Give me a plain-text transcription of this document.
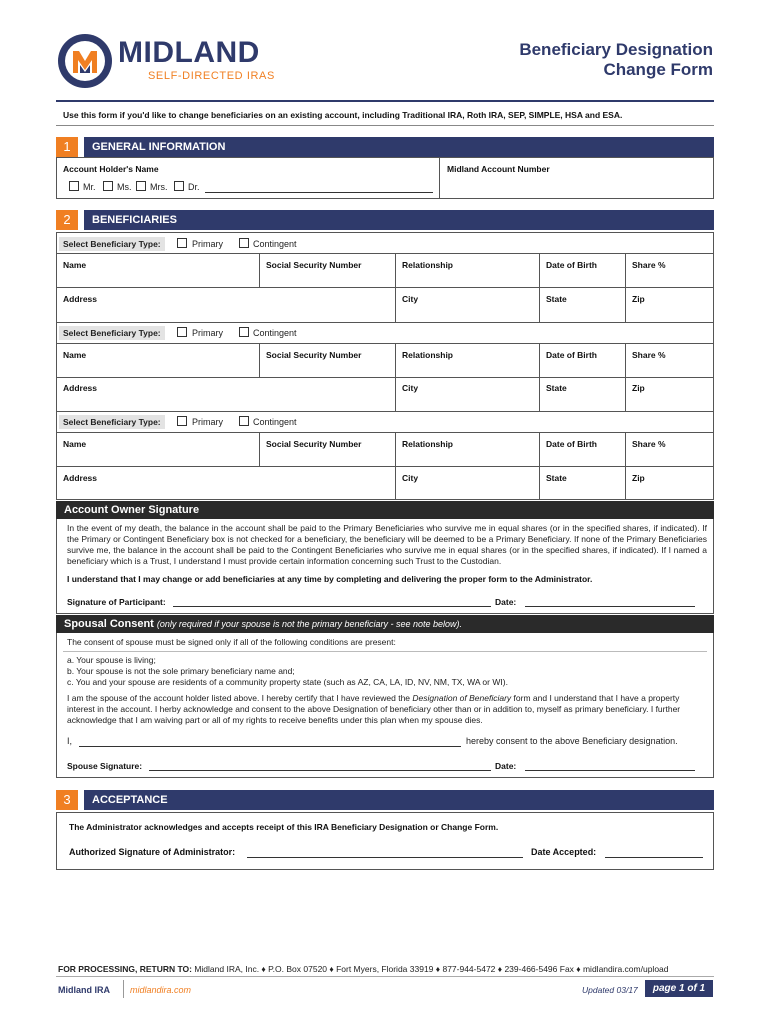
MIDLAND
SELF-DIRECTED IRAS
Beneficiary Designation
Change Form
Use this form if you'd like to change beneficiaries on an existing account, including Traditional IRA, Roth IRA, SEP, SIMPLE, HSA and ESA.
1	GENERAL INFORMATION
Account Holder's Name	Midland Account Number
Mr. Ms. Mrs. Dr.
2	BENEFICIARIES
Select Beneficiary Type:	Primary	Contingent
Name	Social Security Number	Relationship	Date of Birth	Share %
Address	City	State	Zip
Select Beneficiary Type:	Primary	Contingent
Name	Social Security Number	Relationship	Date of Birth	Share %
Address	City	State	Zip
Select Beneficiary Type:	Primary	Contingent
Name	Social Security Number	Relationship	Date of Birth	Share %
Address	City	State	Zip
Account Owner Signature
In the event of my death, the balance in the account shall be paid to the Primary Beneficiaries who survive me in equal shares (or in the specified shares, if indicated). If the Primary or Contingent Beneficiary box is not checked for a beneficiary, the beneficiary will be deemed to be a Primary Beneficiary. If none of the Primary Beneficiaries survive me, the balance in the account shall be paid to the Contingent Beneficiaries who survive me in equal shares (or in the specified shares, if indicated). If I named a beneficiary which is a Trust, I understand I must provide certain information concerning such Trust to the Custodian.
I understand that I may change or add beneficiaries at any time by completing and delivering the proper form to the Administrator.
Signature of Participant:	Date:
Spousal Consent (only required if your spouse is not the primary beneficiary - see note below).
The consent of spouse must be signed only if all of the following conditions are present:
a. Your spouse is living;
b. Your spouse is not the sole primary beneficiary name and;
c. You and your spouse are residents of a community property state (such as AZ, CA, LA, ID, NV, NM, TX, WA or WI).
I am the spouse of the account holder listed above. I hereby certify that I have reviewed the Designation of Beneficiary form and I understand that I have a property interest in the account. I herby acknowledge and consent to the above Designation of beneficiary other than or in addition to, myself as primary beneficiary. I further acknowledge that I am waiving part or all of my rights to receive benefits under this plan when my spouse dies.
I,	hereby consent to the above Beneficiary designation.
Spouse Signature:	Date:
3	ACCEPTANCE
The Administrator acknowledges and accepts receipt of this IRA Beneficiary Designation or Change Form.
Authorized Signature of Administrator:	Date Accepted:
FOR PROCESSING, RETURN TO: Midland IRA, Inc. ♦ P.O. Box 07520 ♦ Fort Myers, Florida 33919 ♦ 877-944-5472 ♦ 239-466-5496 Fax ♦ midlandira.com/upload
Midland IRA midlandira.com	Updated 03/17	page 1 of 1
